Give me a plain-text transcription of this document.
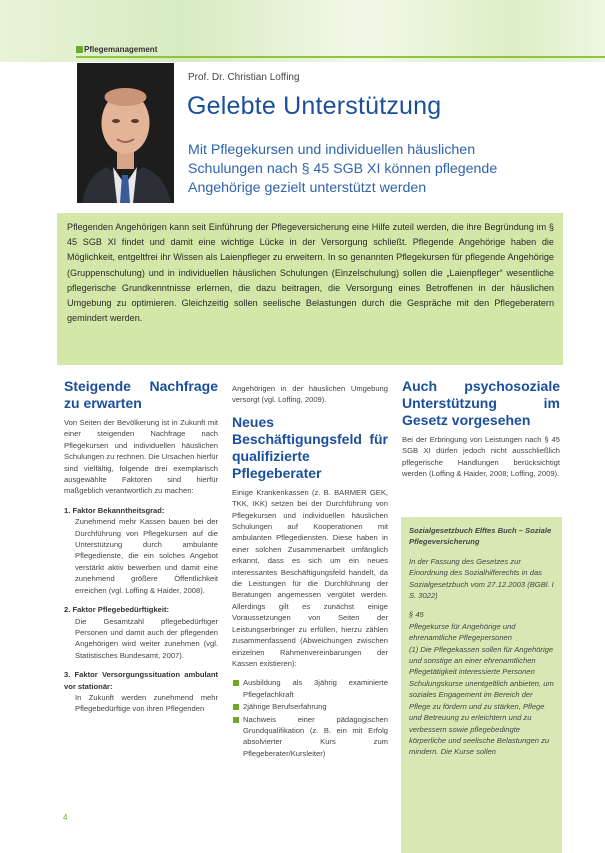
Pflegemanagement
Prof. Dr. Christian Loffing
Gelebte Unterstützung
Mit Pflegekursen und individuellen häuslichen
Schulungen nach § 45 SGB XI können pflegende
Angehörige gezielt unterstützt werden

Pflegenden Angehörigen kann seit Einführung der Pflegeversicherung eine Hilfe zuteil werden, die ihre Begründung im § 45 SGB XI findet und damit eine wichtige Lücke in der Versorgung schließt. Pflegende Angehörige haben die Möglichkeit, entgeltfrei ihr Wissen als Laienpfleger zu erweitern. In so genannten Pflegekursen für pflegende Angehörige (Gruppenschulung) und in individuellen häuslichen Schulungen (Einzelschulung) sollen die „Laienpfleger“ wesentliche pflegerische Grundkenntnisse erlernen, die dazu beitragen, die Versorgung eines Betroffenen in der häuslichen Umgebung zu optimieren. Gleichzeitig sollen seelische Belastungen durch die Gespräche mit den Pflegeberatern gemindert werden.

Steigende Nachfrage zu erwarten

Von Seiten der Bevölkerung ist in Zukunft mit einer steigenden Nachfrage nach Pflegekursen und individuellen häuslichen Schulungen zu rechnen. Die Ursachen hierfür sind vielfältig, folgende drei exemplarisch ausgewählte Faktoren sind hierfür maßgeblich verantwortlich zu machen:

1. Faktor Bekanntheitsgrad:

Zunehmend mehr Kassen bauen bei der Durchführung von Pflegekursen auf die Unterstützung durch ambulante Pflegedienste, die ein solches Angebot verstärkt aktiv bewerben und damit eine zunehmend größere Öffentlichkeit erreichen (vgl. Loffing & Haider, 2008).

2. Faktor Pflegebedürftigkeit:

Die Gesamtzahl pflegebedürftiger Personen und damit auch der pflegenden Angehörigen wird weiter zunehmen (vgl. Statistisches Bundesamt, 2007).

3. Faktor Versorgungssituation ambulant vor stationär:

In Zukunft werden zunehmend mehr Pflegebedürftige von ihren Pflegenden

Angehörigen in der häuslichen Umgebung versorgt (vgl. Loffing, 2009).

Neues Beschäftigungsfeld für qualifizierte Pflegeberater

Einige Krankenkassen (z. B. BARMER GEK, TKK, IKK) setzen bei der Durchführung von Pflegekursen und individuellen häuslichen Schulungen auf Kooperationen mit ambulanten Pflegediensten. Diese haben in einer solchen Zusammenarbeit umfänglich erkannt, dass es sich um ein neues interessantes Beschäftigungsfeld handelt, da die Leistungen für die Durchführung der Beratungen angemessen vergütet werden. Allerdings gilt es zunächst einige Voraussetzungen von Seiten der Leistungserbringer zu erfüllen, hierzu zählen zusammenfassend (Abweichungen zwischen einzelnen Rahmenvereinbarungen der Kassen existieren):

Ausbildung als 3jährig examinierte Pflegefachkraft
2jährige Berufserfahrung
Nachweis einer pädagogischen Grundqualifikation (z. B. ein mit Erfolg absolvierter Kurs zum Pflegeberater/Kursleiter)
Auch psychosoziale Unterstützung im Gesetz vorgesehen

Bei der Erbringung von Leistungen nach § 45 SGB XI dürfen jedoch nicht ausschließlich pflegerische Handlungen berücksichtigt werden (Loffing & Haider, 2008; Loffing, 2009).

Sozialgesetzbuch Elftes Buch – Soziale Pflegeversicherung

In der Fassung des Gesetzes zur Einordnung des Sozialhilferechts in das Sozialgesetzbuch vom 27.12.2003 (BGBl. I S. 3022)

§ 45
Pflegekurse für Angehörige und ehrenamtliche Pflegepersonen

(1) Die Pflegekassen sollen für Angehörige und sonstige an einer ehrenamtlichen Pflegetätigkeit interessierte Personen Schulungskurse unentgeltlich anbieten, um soziales Engagement im Bereich der Pflege zu fördern und zu stärken, Pflege und Betreuung zu erleichtern und zu verbessern sowie pflegebedingte körperliche und seelische Belastungen zu mindern. Die Kurse sollen

4
